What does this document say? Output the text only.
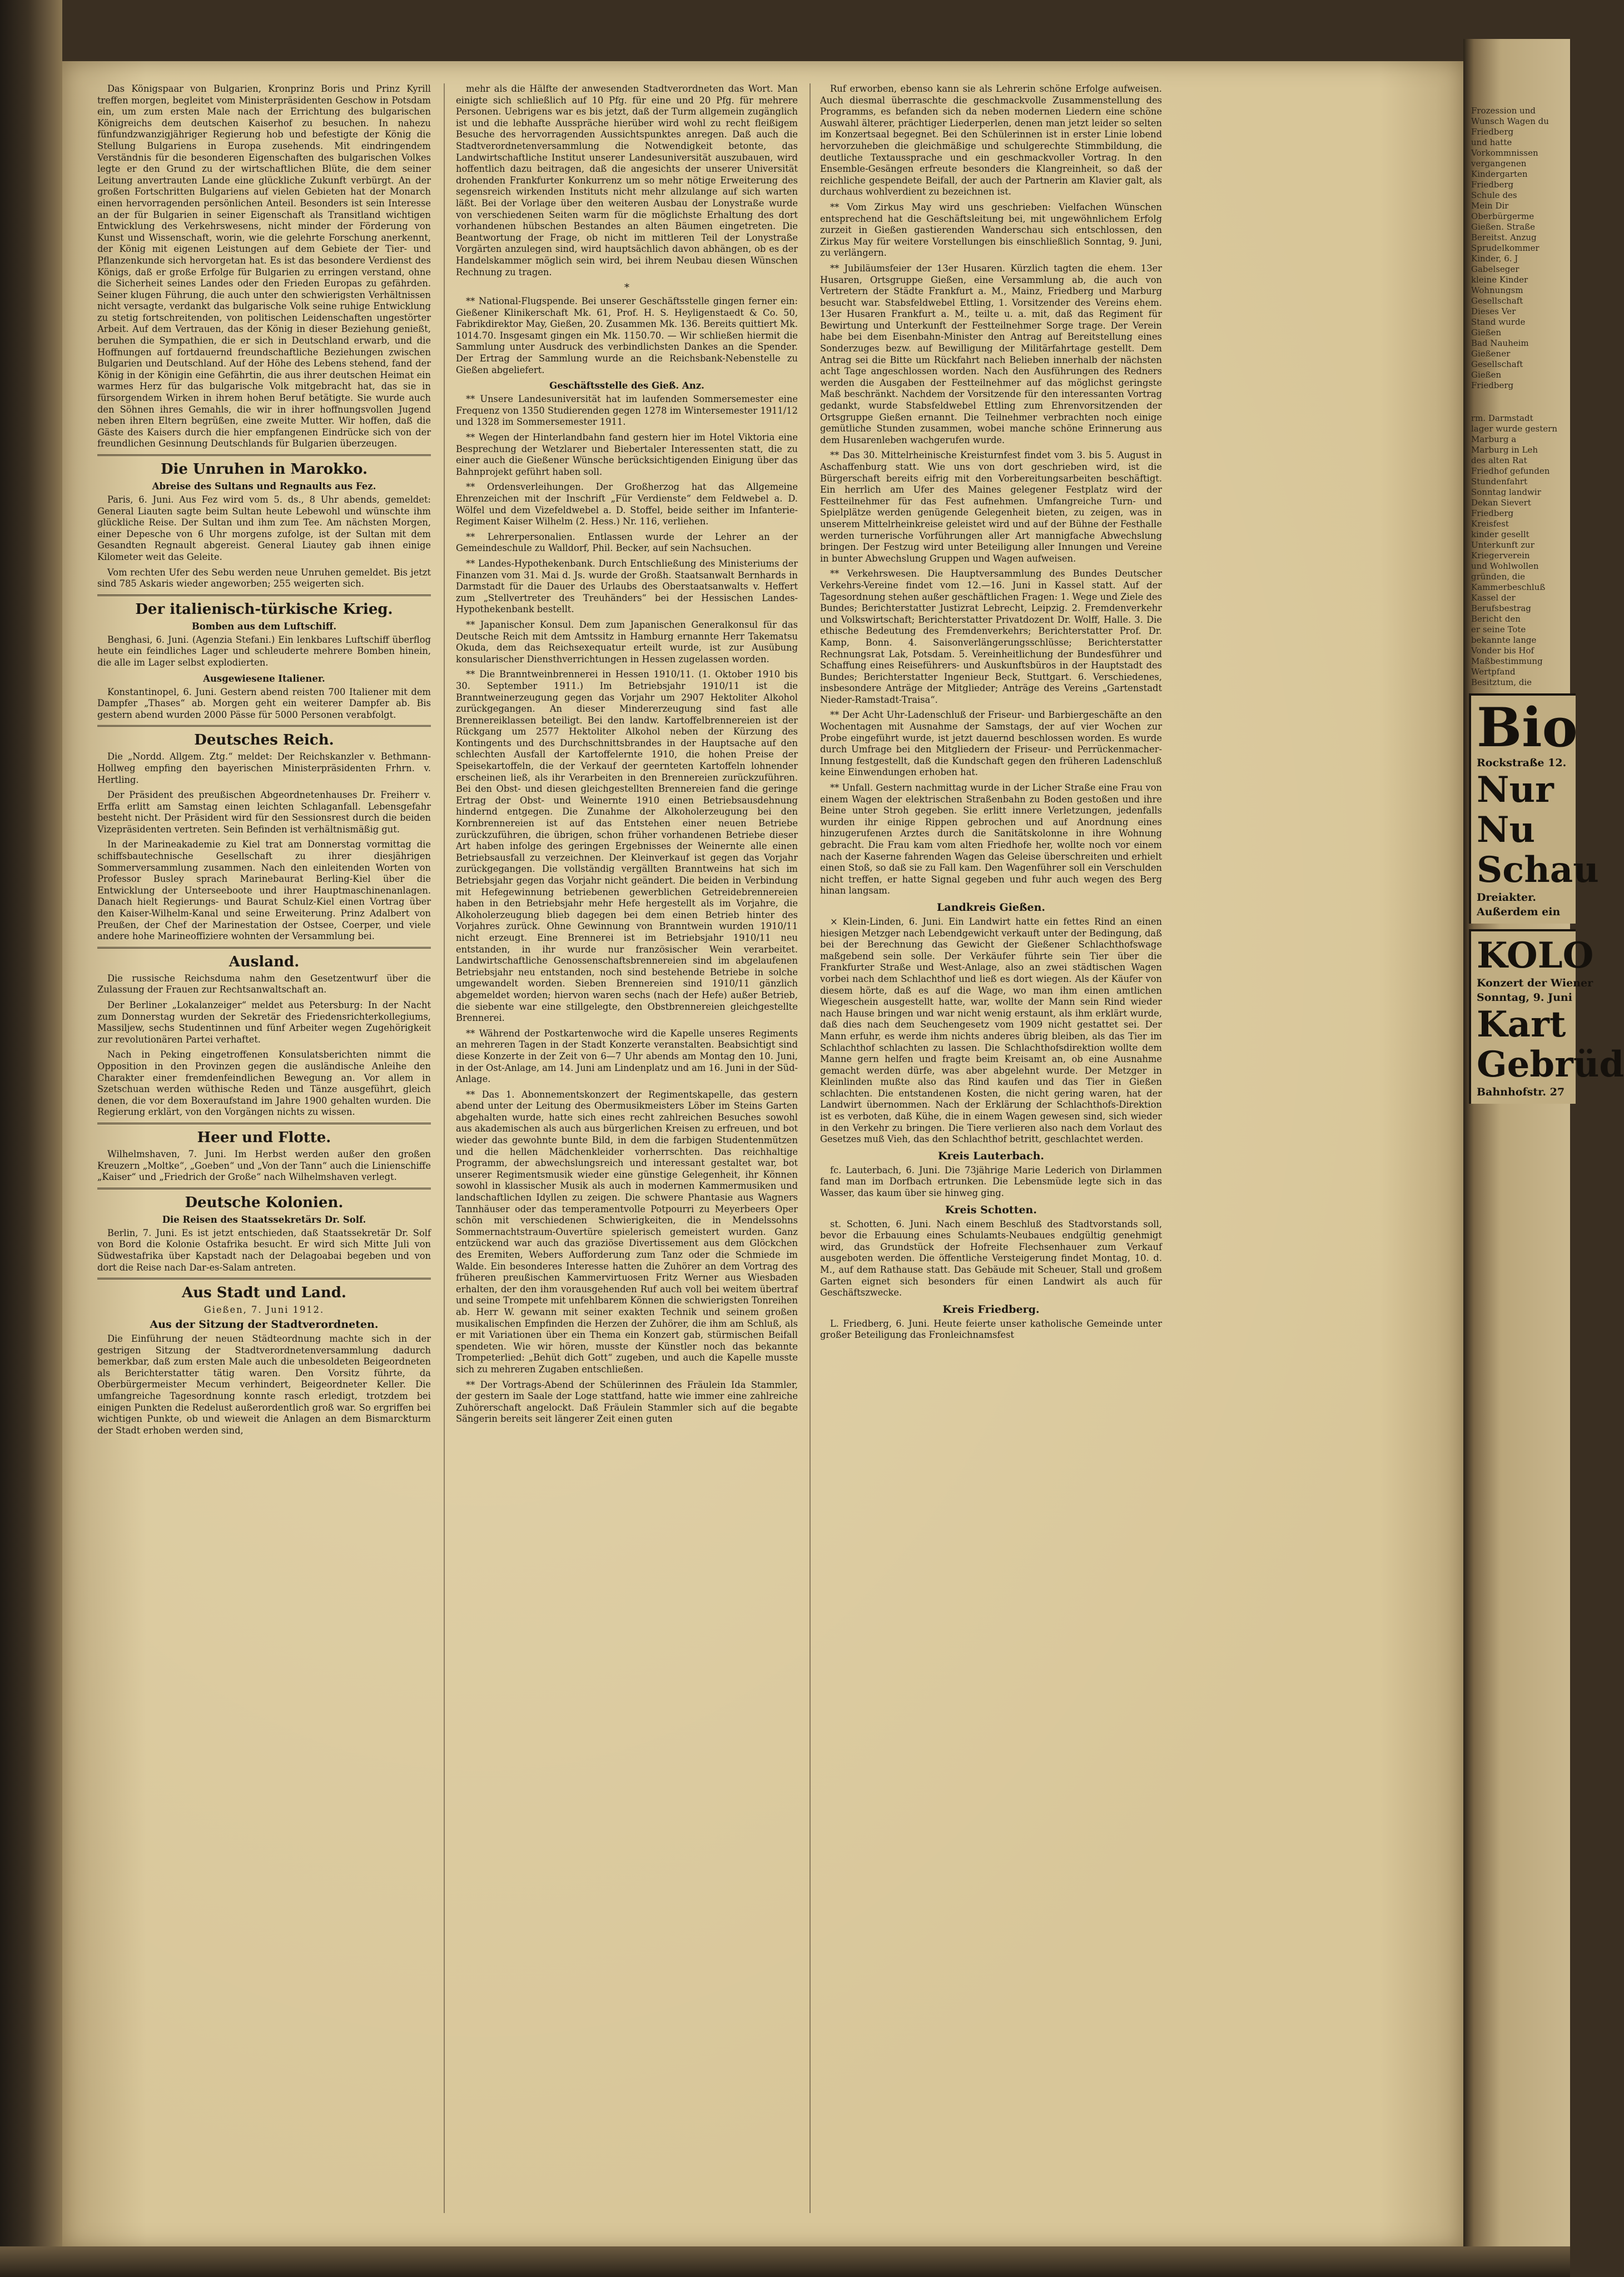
Das Königspaar von Bulgarien, Kronprinz Boris und Prinz Kyrill treffen morgen, begleitet vom Ministerpräsidenten Geschow in Potsdam ein, um zum ersten Male nach der Errichtung des bulgarischen Königreichs dem deutschen Kaiserhof zu besuchen. In nahezu fünfundzwanzigjähriger Regierung hob und befestigte der König die Stellung Bulgariens in Europa zusehends. Mit eindringendem Verständnis für die besonderen Eigenschaften des bulgarischen Volkes legte er den Grund zu der wirtschaftlichen Blüte, die dem seiner Leitung anvertrauten Lande eine glückliche Zukunft verbürgt. An der großen Fortschritten Bulgariens auf vielen Gebieten hat der Monarch einen hervorragenden persönlichen Anteil. Besonders ist sein Interesse an der für Bulgarien in seiner Eigenschaft als Transitland wichtigen Entwicklung des Verkehrswesens, nicht minder der Förderung von Kunst und Wissenschaft, worin, wie die gelehrte Forschung anerkennt, der König mit eigenen Leistungen auf dem Gebiete der Tier- und Pflanzenkunde sich hervorgetan hat. Es ist das besondere Verdienst des Königs, daß er große Erfolge für Bulgarien zu erringen verstand, ohne die Sicherheit seines Landes oder den Frieden Europas zu gefährden. Seiner klugen Führung, die auch unter den schwierigsten Verhältnissen nicht versagte, verdankt das bulgarische Volk seine ruhige Entwicklung zu stetig fortschreitenden, von politischen Leidenschaften ungestörter Arbeit. Auf dem Vertrauen, das der König in dieser Beziehung genießt, beruhen die Sympathien, die er sich in Deutschland erwarb, und die Hoffnungen auf fortdauernd freundschaftliche Beziehungen zwischen Bulgarien und Deutschland. Auf der Höhe des Lebens stehend, fand der König in der Königin eine Gefährtin, die aus ihrer deutschen Heimat ein warmes Herz für das bulgarische Volk mitgebracht hat, das sie in fürsorgendem Wirken in ihrem hohen Beruf betätigte. Sie wurde auch den Söhnen ihres Gemahls, die wir in ihrer hoffnungsvollen Jugend neben ihren Eltern begrüßen, eine zweite Mutter. Wir hoffen, daß die Gäste des Kaisers durch die hier empfangenen Eindrücke sich von der freundlichen Gesinnung Deutschlands für Bulgarien überzeugen.
Die Unruhen in Marokko.
Abreise des Sultans und Regnaults aus Fez.
Paris, 6. Juni. Aus Fez wird vom 5. ds., 8 Uhr abends, gemeldet: General Liauten sagte beim Sultan heute Lebewohl und wünschte ihm glückliche Reise. Der Sultan und ihm zum Tee. Am nächsten Morgen, einer Depesche von 6 Uhr morgens zufolge, ist der Sultan mit dem Gesandten Regnault abgereist. General Liautey gab ihnen einige Kilometer weit das Geleite.
Vom rechten Ufer des Sebu werden neue Unruhen gemeldet. Bis jetzt sind 785 Askaris wieder angeworben; 255 weigerten sich.
Der italienisch-türkische Krieg.
Bomben aus dem Luftschiff.
Benghasi, 6. Juni. (Agenzia Stefani.) Ein lenkbares Luftschiff überflog heute ein feindliches Lager und schleuderte mehrere Bomben hinein, die alle im Lager selbst explodierten.
Ausgewiesene Italiener.
Konstantinopel, 6. Juni. Gestern abend reisten 700 Italiener mit dem Dampfer „Thases“ ab. Morgen geht ein weiterer Dampfer ab. Bis gestern abend wurden 2000 Pässe für 5000 Personen verabfolgt.
Deutsches Reich.
Die „Nordd. Allgem. Ztg.“ meldet: Der Reichskanzler v. Bethmann-Hollweg empfing den bayerischen Ministerpräsidenten Frhrn. v. Hertling.
Der Präsident des preußischen Abgeordnetenhauses Dr. Freiherr v. Erffa erlitt am Samstag einen leichten Schlaganfall. Lebensgefahr besteht nicht. Der Präsident wird für den Sessionsrest durch die beiden Vizepräsidenten vertreten. Sein Befinden ist verhältnismäßig gut.
In der Marineakademie zu Kiel trat am Donnerstag vormittag die schiffsbautechnische Gesellschaft zu ihrer diesjährigen Sommerversammlung zusammen. Nach den einleitenden Worten von Professor Busley sprach Marinebaurat Berling-Kiel über die Entwicklung der Unterseeboote und ihrer Hauptmaschinenanlagen. Danach hielt Regierungs- und Baurat Schulz-Kiel einen Vortrag über den Kaiser-Wilhelm-Kanal und seine Erweiterung. Prinz Adalbert von Preußen, der Chef der Marinestation der Ostsee, Coerper, und viele andere hohe Marineoffiziere wohnten der Versammlung bei.
Ausland.
Die russische Reichsduma nahm den Gesetzentwurf über die Zulassung der Frauen zur Rechtsanwaltschaft an.
Der Berliner „Lokalanzeiger“ meldet aus Petersburg: In der Nacht zum Donnerstag wurden der Sekretär des Friedensrichterkollegiums, Massiljew, sechs Studentinnen und fünf Arbeiter wegen Zugehörigkeit zur revolutionären Partei verhaftet.
Nach in Peking eingetroffenen Konsulatsberichten nimmt die Opposition in den Provinzen gegen die ausländische Anleihe den Charakter einer fremdenfeindlichen Bewegung an. Vor allem in Szetschuan werden wüthische Reden und Tänze ausgeführt, gleich denen, die vor dem Boxeraufstand im Jahre 1900 gehalten wurden. Die Regierung erklärt, von den Vorgängen nichts zu wissen.
Heer und Flotte.
Wilhelmshaven, 7. Juni. Im Herbst werden außer den großen Kreuzern „Moltke“, „Goeben“ und „Von der Tann“ auch die Linienschiffe „Kaiser“ und „Friedrich der Große“ nach Wilhelmshaven verlegt.
Deutsche Kolonien.
Die Reisen des Staatssekretärs Dr. Solf.
Berlin, 7. Juni. Es ist jetzt entschieden, daß Staatssekretär Dr. Solf von Bord die Kolonie Ostafrika besucht. Er wird sich Mitte Juli von Südwestafrika über Kapstadt nach der Delagoabai begeben und von dort die Reise nach Dar-es-Salam antreten.
Aus Stadt und Land.
Gießen, 7. Juni 1912.
Aus der Sitzung der Stadtverordneten.
Die Einführung der neuen Städteordnung machte sich in der gestrigen Sitzung der Stadtverordnetenversammlung dadurch bemerkbar, daß zum ersten Male auch die unbesoldeten Beigeordneten als Berichterstatter tätig waren. Den Vorsitz führte, da Oberbürgermeister Mecum verhindert, Beigeordneter Keller. Die umfangreiche Tagesordnung konnte rasch erledigt, trotzdem bei einigen Punkten die Redelust außerordentlich groß war. So ergriffen bei wichtigen Punkte, ob und wieweit die Anlagen an dem Bismarckturm der Stadt erhoben werden sind,
mehr als die Hälfte der anwesenden Stadtverordneten das Wort. Man einigte sich schließlich auf 10 Pfg. für eine und 20 Pfg. für mehrere Personen. Uebrigens war es bis jetzt, daß der Turm allgemein zugänglich ist und die lebhafte Ausspräche hierüber wird wohl zu recht fleißigem Besuche des hervorragenden Aussichtspunktes anregen. Daß auch die Stadtverordnetenversammlung die Notwendigkeit betonte, das Landwirtschaftliche Institut unserer Landesuniversität auszubauen, wird hoffentlich dazu beitragen, daß die angesichts der unserer Universität drohenden Frankfurter Konkurrenz um so mehr nötige Erweiterung des segensreich wirkenden Instituts nicht mehr allzulange auf sich warten läßt. Bei der Vorlage über den weiteren Ausbau der Lonystraße wurde von verschiedenen Seiten warm für die möglichste Erhaltung des dort vorhandenen hübschen Bestandes an alten Bäumen eingetreten. Die Beantwortung der Frage, ob nicht im mittleren Teil der Lonystraße Vorgärten anzulegen sind, wird hauptsächlich davon abhängen, ob es der Handelskammer möglich sein wird, bei ihrem Neubau diesen Wünschen Rechnung zu tragen.
*
** National-Flugspende. Bei unserer Geschäftsstelle gingen ferner ein: Gießener Klinikerschaft Mk. 61, Prof. H. S. Heyligenstaedt & Co. 50, Fabrikdirektor May, Gießen, 20. Zusammen Mk. 136. Bereits quittiert Mk. 1014.70. Insgesamt gingen ein Mk. 1150.70. — Wir schließen hiermit die Sammlung unter Ausdruck des verbindlichsten Dankes an die Spender. Der Ertrag der Sammlung wurde an die Reichsbank-Nebenstelle zu Gießen abgeliefert.
Geschäftsstelle des Gieß. Anz.
** Unsere Landesuniversität hat im laufenden Sommersemester eine Frequenz von 1350 Studierenden gegen 1278 im Wintersemester 1911/12 und 1328 im Sommersemester 1911.
** Wegen der Hinterlandbahn fand gestern hier im Hotel Viktoria eine Besprechung der Wetzlarer und Biebertaler Interessenten statt, die zu einer auch die Gießener Wünsche berücksichtigenden Einigung über das Bahnprojekt geführt haben soll.
** Ordensverleihungen. Der Großherzog hat das Allgemeine Ehrenzeichen mit der Inschrift „Für Verdienste“ dem Feldwebel a. D. Wölfel und dem Vizefeldwebel a. D. Stoffel, beide seither im Infanterie-Regiment Kaiser Wilhelm (2. Hess.) Nr. 116, verliehen.
** Lehrerpersonalien. Entlassen wurde der Lehrer an der Gemeindeschule zu Walldorf, Phil. Becker, auf sein Nachsuchen.
** Landes-Hypothekenbank. Durch Entschließung des Ministeriums der Finanzen vom 31. Mai d. Js. wurde der Großh. Staatsanwalt Bernhards in Darmstadt für die Dauer des Urlaubs des Oberstaatsanwalts v. Heffert zum „Stellvertreter des Treuhänders“ bei der Hessischen Landes-Hypothekenbank bestellt.
** Japanischer Konsul. Dem zum Japanischen Generalkonsul für das Deutsche Reich mit dem Amtssitz in Hamburg ernannte Herr Takematsu Okuda, dem das Reichsexequatur erteilt wurde, ist zur Ausübung konsularischer Diensthverrichtungen in Hessen zugelassen worden.
** Die Branntweinbrennerei in Hessen 1910/11. (1. Oktober 1910 bis 30. September 1911.) Im Betriebsjahr 1910/11 ist die Branntweinerzeugung gegen das Vorjahr um 2907 Hektoliter Alkohol zurückgegangen. An dieser Mindererzeugung sind fast alle Brennereiklassen beteiligt. Bei den landw. Kartoffelbrennereien ist der Rückgang um 2577 Hektoliter Alkohol neben der Kürzung des Kontingents und des Durchschnittsbrandes in der Hauptsache auf den schlechten Ausfall der Kartoffelernte 1910, die hohen Preise der Speisekartoffeln, die der Verkauf der geernteten Kartoffeln lohnender erscheinen ließ, als ihr Verarbeiten in den Brennereien zurückzuführen. Bei den Obst- und diesen gleichgestellten Brennereien fand die geringe Ertrag der Obst- und Weinernte 1910 einen Betriebsausdehnung hindernd entgegen. Die Zunahme der Alkoholerzeugung bei den Kornbrennereien ist auf das Entstehen einer neuen Betriebe zurückzuführen, die übrigen, schon früher vorhandenen Betriebe dieser Art haben infolge des geringen Ergebnisses der Weinernte alle einen Betriebsausfall zu verzeichnen. Der Kleinverkauf ist gegen das Vorjahr zurückgegangen. Die vollständig vergällten Branntweins hat sich im Betriebsjahr gegen das Vorjahr nicht geändert. Die beiden in Verbindung mit Hefegewinnung betriebenen gewerblichen Getreidebrennereien haben in den Betriebsjahr mehr Hefe hergestellt als im Vorjahre, die Alkoholerzeugung blieb dagegen bei dem einen Betrieb hinter des Vorjahres zurück. Ohne Gewinnung von Branntwein wurden 1910/11 nicht erzeugt. Eine Brennerei ist im Betriebsjahr 1910/11 neu entstanden, in ihr wurde nur französischer Wein verarbeitet. Landwirtschaftliche Genossenschaftsbrennereien sind im abgelaufenen Betriebsjahr neu entstanden, noch sind bestehende Betriebe in solche umgewandelt worden. Sieben Brennereien sind 1910/11 gänzlich abgemeldet worden; hiervon waren sechs (nach der Hefe) außer Betrieb, die siebente war eine stillgelegte, den Obstbrennereien gleichgestellte Brennerei.
** Während der Postkartenwoche wird die Kapelle unseres Regiments an mehreren Tagen in der Stadt Konzerte veranstalten. Beabsichtigt sind diese Konzerte in der Zeit von 6—7 Uhr abends am Montag den 10. Juni, in der Ost-Anlage, am 14. Juni am Lindenplatz und am 16. Juni in der Süd-Anlage.
** Das 1. Abonnementskonzert der Regimentskapelle, das gestern abend unter der Leitung des Obermusikmeisters Löber im Steins Garten abgehalten wurde, hatte sich eines recht zahlreichen Besuches sowohl aus akademischen als auch aus bürgerlichen Kreisen zu erfreuen, und bot wieder das gewohnte bunte Bild, in dem die farbigen Studentenmützen und die hellen Mädchenkleider vorherrschten. Das reichhaltige Programm, der abwechslungsreich und interessant gestaltet war, bot unserer Regimentsmusik wieder eine günstige Gelegenheit, ihr Können sowohl in klassischer Musik als auch in modernen Kammermusiken und landschaftlichen Idyllen zu zeigen. Die schwere Phantasie aus Wagners Tannhäuser oder das temperamentvolle Potpourri zu Meyerbeers Oper schön mit verschiedenen Schwierigkeiten, die in Mendelssohns Sommernachtstraum-Ouvertüre spielerisch gemeistert wurden. Ganz entzückend war auch das graziöse Divertissement aus dem Glöckchen des Eremiten, Webers Aufforderung zum Tanz oder die Schmiede im Walde. Ein besonderes Interesse hatten die Zuhörer an dem Vortrag des früheren preußischen Kammervirtuosen Fritz Werner aus Wiesbaden erhalten, der den ihm vorausgehenden Ruf auch voll bei weitem übertraf und seine Trompete mit unfehlbarem Können die schwierigsten Tonreihen ab. Herr W. gewann mit seiner exakten Technik und seinem großen musikalischen Empfinden die Herzen der Zuhörer, die ihm am Schluß, als er mit Variationen über ein Thema ein Konzert gab, stürmischen Beifall spendeten. Wie wir hören, musste der Künstler noch das bekannte Trompeterlied: „Behüt dich Gott“ zugeben, und auch die Kapelle musste sich zu mehreren Zugaben entschließen.
** Der Vortrags-Abend der Schülerinnen des Fräulein Ida Stammler, der gestern im Saale der Loge stattfand, hatte wie immer eine zahlreiche Zuhörerschaft angelockt. Daß Fräulein Stammler sich auf die begabte Sängerin bereits seit längerer Zeit einen guten
Ruf erworben, ebenso kann sie als Lehrerin schöne Erfolge aufweisen. Auch diesmal überraschte die geschmackvolle Zusammenstellung des Programms, es befanden sich da neben modernen Liedern eine schöne Auswahl älterer, prächtiger Liederperlen, denen man jetzt leider so selten im Konzertsaal begegnet. Bei den Schülerinnen ist in erster Linie lobend hervorzuheben die gleichmäßige und schulgerechte Stimmbildung, die deutliche Textaussprache und ein geschmackvoller Vortrag. In den Ensemble-Gesängen erfreute besonders die Klangreinheit, so daß der reichliche gespendete Beifall, der auch der Partnerin am Klavier galt, als durchaus wohlverdient zu bezeichnen ist.
** Vom Zirkus May wird uns geschrieben: Vielfachen Wünschen entsprechend hat die Geschäftsleitung bei, mit ungewöhnlichem Erfolg zurzeit in Gießen gastierenden Wanderschau sich entschlossen, den Zirkus May für weitere Vorstellungen bis einschließlich Sonntag, 9. Juni, zu verlängern.
** Jubiläumsfeier der 13er Husaren. Kürzlich tagten die ehem. 13er Husaren, Ortsgruppe Gießen, eine Versammlung ab, die auch von Vertretern der Städte Frankfurt a. M., Mainz, Friedberg und Marburg besucht war. Stabsfeldwebel Ettling, 1. Vorsitzender des Vereins ehem. 13er Husaren Frankfurt a. M., teilte u. a. mit, daß das Regiment für Bewirtung und Unterkunft der Festteilnehmer Sorge trage. Der Verein habe bei dem Eisenbahn-Minister den Antrag auf Bereitstellung eines Sonderzuges bezw. auf Bewilligung der Militärfahrtage gestellt. Dem Antrag sei die Bitte um Rückfahrt nach Belieben innerhalb der nächsten acht Tage angeschlossen worden. Nach den Ausführungen des Redners werden die Ausgaben der Festteilnehmer auf das möglichst geringste Maß beschränkt. Nachdem der Vorsitzende für den interessanten Vortrag gedankt, wurde Stabsfeldwebel Ettling zum Ehrenvorsitzenden der Ortsgruppe Gießen ernannt. Die Teilnehmer verbrachten noch einige gemütliche Stunden zusammen, wobei manche schöne Erinnerung aus dem Husarenleben wachgerufen wurde.
** Das 30. Mittelrheinische Kreisturnfest findet vom 3. bis 5. August in Aschaffenburg statt. Wie uns von dort geschrieben wird, ist die Bürgerschaft bereits eifrig mit den Vorbereitungsarbeiten beschäftigt. Ein herrlich am Ufer des Maines gelegener Festplatz wird der Festteilnehmer für das Fest aufnehmen. Umfangreiche Turn- und Spielplätze werden genügende Gelegenheit bieten, zu zeigen, was in unserem Mittelrheinkreise geleistet wird und auf der Bühne der Festhalle werden turnerische Vorführungen aller Art mannigfache Abwechslung bringen. Der Festzug wird unter Beteiligung aller Innungen und Vereine in bunter Abwechslung Gruppen und Wagen aufweisen.
** Verkehrswesen. Die Hauptversammlung des Bundes Deutscher Verkehrs-Vereine findet vom 12.—16. Juni in Kassel statt. Auf der Tagesordnung stehen außer geschäftlichen Fragen: 1. Wege und Ziele des Bundes; Berichterstatter Justizrat Lebrecht, Leipzig. 2. Fremdenverkehr und Volkswirtschaft; Berichterstatter Privatdozent Dr. Wolff, Halle. 3. Die ethische Bedeutung des Fremdenverkehrs; Berichterstatter Prof. Dr. Kamp, Bonn. 4. Saisonverlängerungsschlüsse; Berichterstatter Rechnungsrat Lak, Potsdam. 5. Vereinheitlichung der Bundesführer und Schaffung eines Reiseführers- und Auskunftsbüros in der Hauptstadt des Bundes; Berichterstatter Ingenieur Beck, Stuttgart. 6. Verschiedenes, insbesondere Anträge der Mitglieder; Anträge des Vereins „Gartenstadt Nieder-Ramstadt-Traisa“.
** Der Acht Uhr-Ladenschluß der Friseur- und Barbiergeschäfte an den Wochentagen mit Ausnahme der Samstags, der auf vier Wochen zur Probe eingeführt wurde, ist jetzt dauernd beschlossen worden. Es wurde durch Umfrage bei den Mitgliedern der Friseur- und Perrückenmacher-Innung festgestellt, daß die Kundschaft gegen den früheren Ladenschluß keine Einwendungen erhoben hat.
** Unfall. Gestern nachmittag wurde in der Licher Straße eine Frau von einem Wagen der elektrischen Straßenbahn zu Boden gestoßen und ihre Beine unter Stroh gegeben. Sie erlitt innere Verletzungen, jedenfalls wurden ihr einige Rippen gebrochen und auf Anordnung eines hinzugerufenen Arztes durch die Sanitätskolonne in ihre Wohnung gebracht. Die Frau kam vom alten Friedhofe her, wollte noch vor einem nach der Kaserne fahrenden Wagen das Geleise überschreiten und erhielt einen Stoß, so daß sie zu Fall kam. Den Wagenführer soll ein Verschulden nicht treffen, er hatte Signal gegeben und fuhr auch wegen des Berg hinan langsam.
Landkreis Gießen.
× Klein-Linden, 6. Juni. Ein Landwirt hatte ein fettes Rind an einen hiesigen Metzger nach Lebendgewicht verkauft unter der Bedingung, daß bei der Berechnung das Gewicht der Gießener Schlachthofswage maßgebend sein solle. Der Verkäufer führte sein Tier über die Frankfurter Straße und West-Anlage, also an zwei städtischen Wagen vorbei nach dem Schlachthof und ließ es dort wiegen. Als der Käufer von diesem hörte, daß es auf die Wage, wo man ihm einen amtlichen Wiegeschein ausgestellt hatte, war, wollte der Mann sein Rind wieder nach Hause bringen und war nicht wenig erstaunt, als ihm erklärt wurde, daß dies nach dem Seuchengesetz vom 1909 nicht gestattet sei. Der Mann erfuhr, es werde ihm nichts anderes übrig bleiben, als das Tier im Schlachthof schlachten zu lassen. Die Schlachthofsdirektion wollte dem Manne gern helfen und fragte beim Kreisamt an, ob eine Ausnahme gemacht werden dürfe, was aber abgelehnt wurde. Der Metzger in Kleinlinden mußte also das Rind kaufen und das Tier in Gießen schlachten. Die entstandenen Kosten, die nicht gering waren, hat der Landwirt übernommen. Nach der Erklärung der Schlachthofs-Direktion ist es verboten, daß Kühe, die in einem Wagen gewesen sind, sich wieder in den Verkehr zu bringen. Die Tiere verlieren also nach dem Vorlaut des Gesetzes muß Vieh, das den Schlachthof betritt, geschlachtet werden.
Kreis Lauterbach.
fc. Lauterbach, 6. Juni. Die 73jährige Marie Lederich von Dirlammen fand man im Dorfbach ertrunken. Die Lebensmüde legte sich in das Wasser, das kaum über sie hinweg ging.
Kreis Schotten.
st. Schotten, 6. Juni. Nach einem Beschluß des Stadtvorstands soll, bevor die Erbauung eines Schulamts-Neubaues endgültig genehmigt wird, das Grundstück der Hofreite Flechsenhauer zum Verkauf ausgeboten werden. Die öffentliche Versteigerung findet Montag, 10. d. M., auf dem Rathause statt. Das Gebäude mit Scheuer, Stall und großem Garten eignet sich besonders für einen Landwirt als auch für Geschäftszwecke.
Kreis Friedberg.
L. Friedberg, 6. Juni. Heute feierte unser katholische Gemeinde unter großer Beteiligung das Fronleichnamsfest
Frozession und
Wunsch Wagen du
Friedberg
und hatte
Vorkommnissen
vergangenen
Kindergarten
Friedberg
Schule des
Mein Dir
Oberbürgerme
Gießen. Straße
Bereitst. Anzug
Sprudelkommer
Kinder, 6. J
Gabelseger
kleine Kinder
Wohnungsm
Gesellschaft
Dieses Ver
Stand wurde
Gießen
Bad Nauheim
Gießener
Gesellschaft
Gießen
Friedberg
rm. Darmstadt
lager wurde gestern
Marburg a
Marburg in Leh
des alten Rat
Friedhof gefunden
Stundenfahrt
Sonntag landwir
Dekan Sievert
Friedberg
Kreisfest
kinder gesellt
Unterkunft zur
Kriegerverein
und Wohlwollen
gründen, die
Kammerbeschluß
Kassel der
Berufsbestrag
Bericht den
er seine Tote
bekannte lange
Vonder bis Hof
Maßbestimmung
Wertpfand
Besitztum, die
Bio
Rockstraße 12.
Nur
Nu
Schau
Dreiakter.
Außerdem ein
KOLO
Konzert der Wiener
Sonntag, 9. Juni
Kart
Gebrüd
Bahnhofstr. 27
